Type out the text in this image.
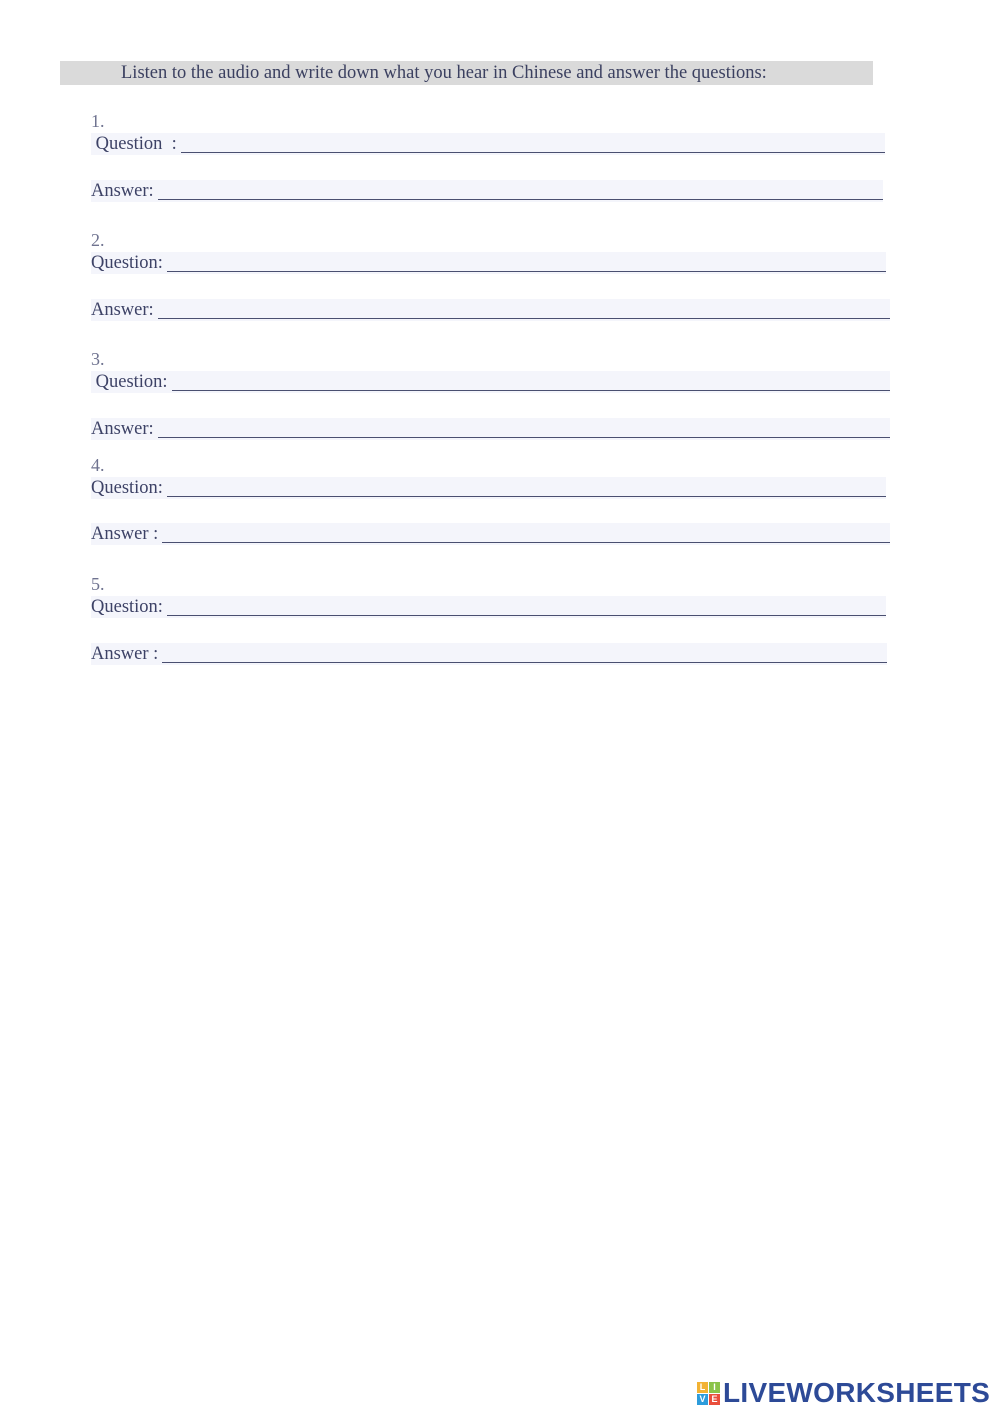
Listen to the audio and write down what you hear in Chinese and answer the questions:
1.
Question  :
Answer:
2.
Question:
Answer:
3.
Question:
Answer:
4.
Question:
Answer :
5.
Question:
Answer :
L I
V E LIVEWORKSHEETS
